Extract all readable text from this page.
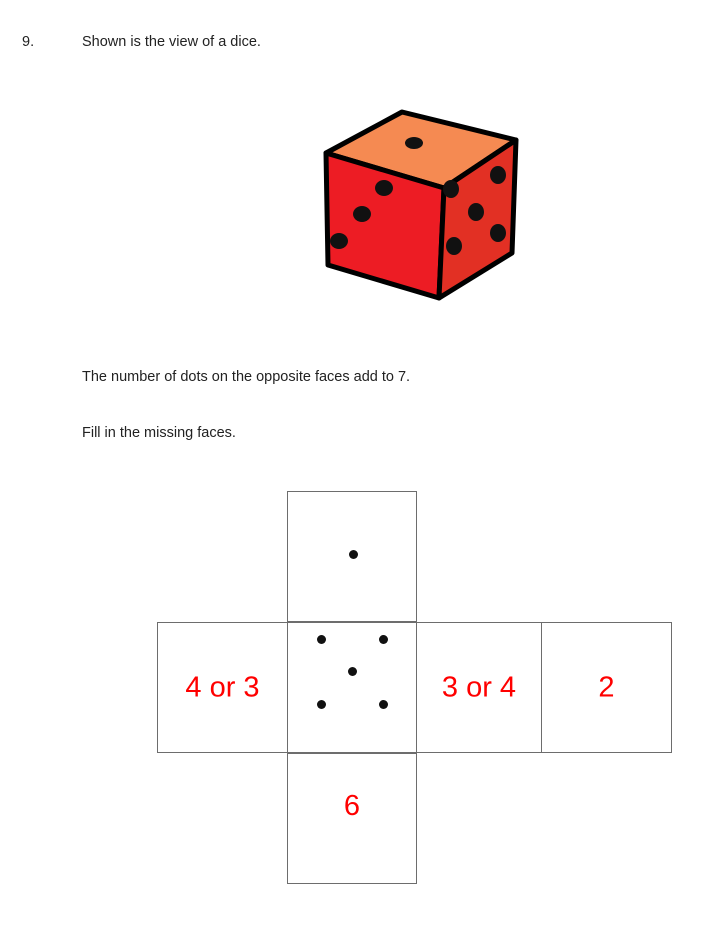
9.	Shown is the view of a dice.
The number of dots on the opposite faces add to 7.
Fill in the missing faces.
4 or 3	3 or 4	2
6
